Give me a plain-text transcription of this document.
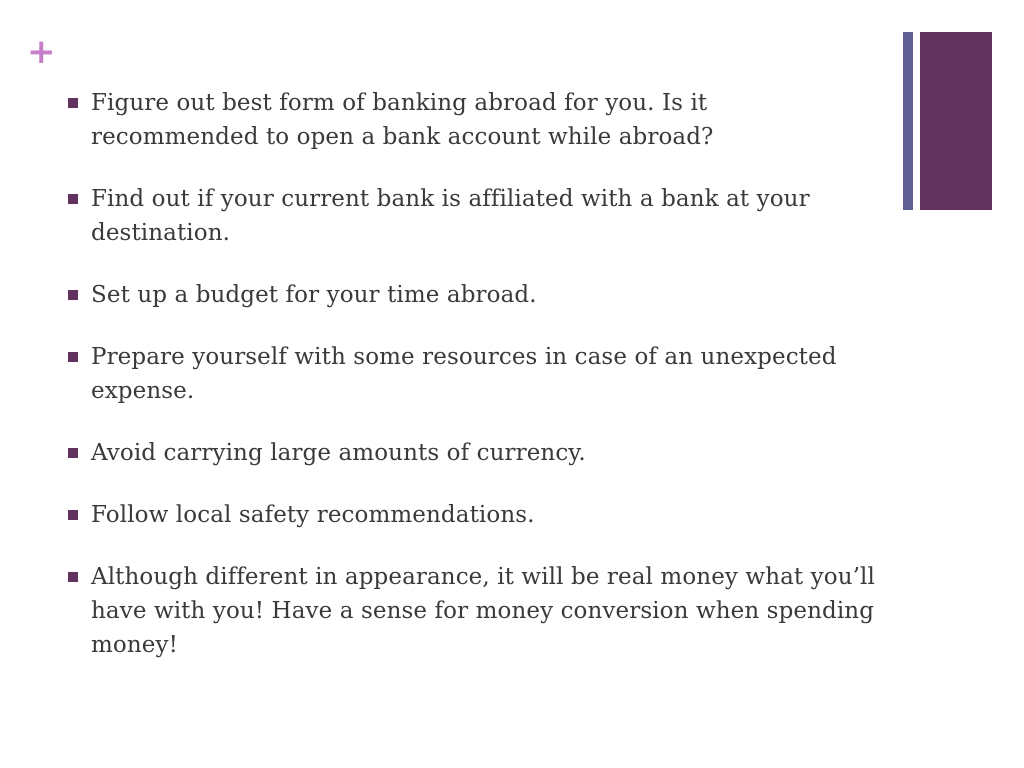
+
Figure out best form of banking abroad for you. Is it recommended to open a bank account while abroad?
Find out if your current bank is affiliated with a bank at your destination.
Set up a budget for your time abroad.
Prepare yourself with some resources in case of an unexpected expense.
Avoid carrying large amounts of currency.
Follow local safety recommendations.
Although different in appearance, it will be real money what you’ll have with you! Have a sense for money conversion when spending money!
